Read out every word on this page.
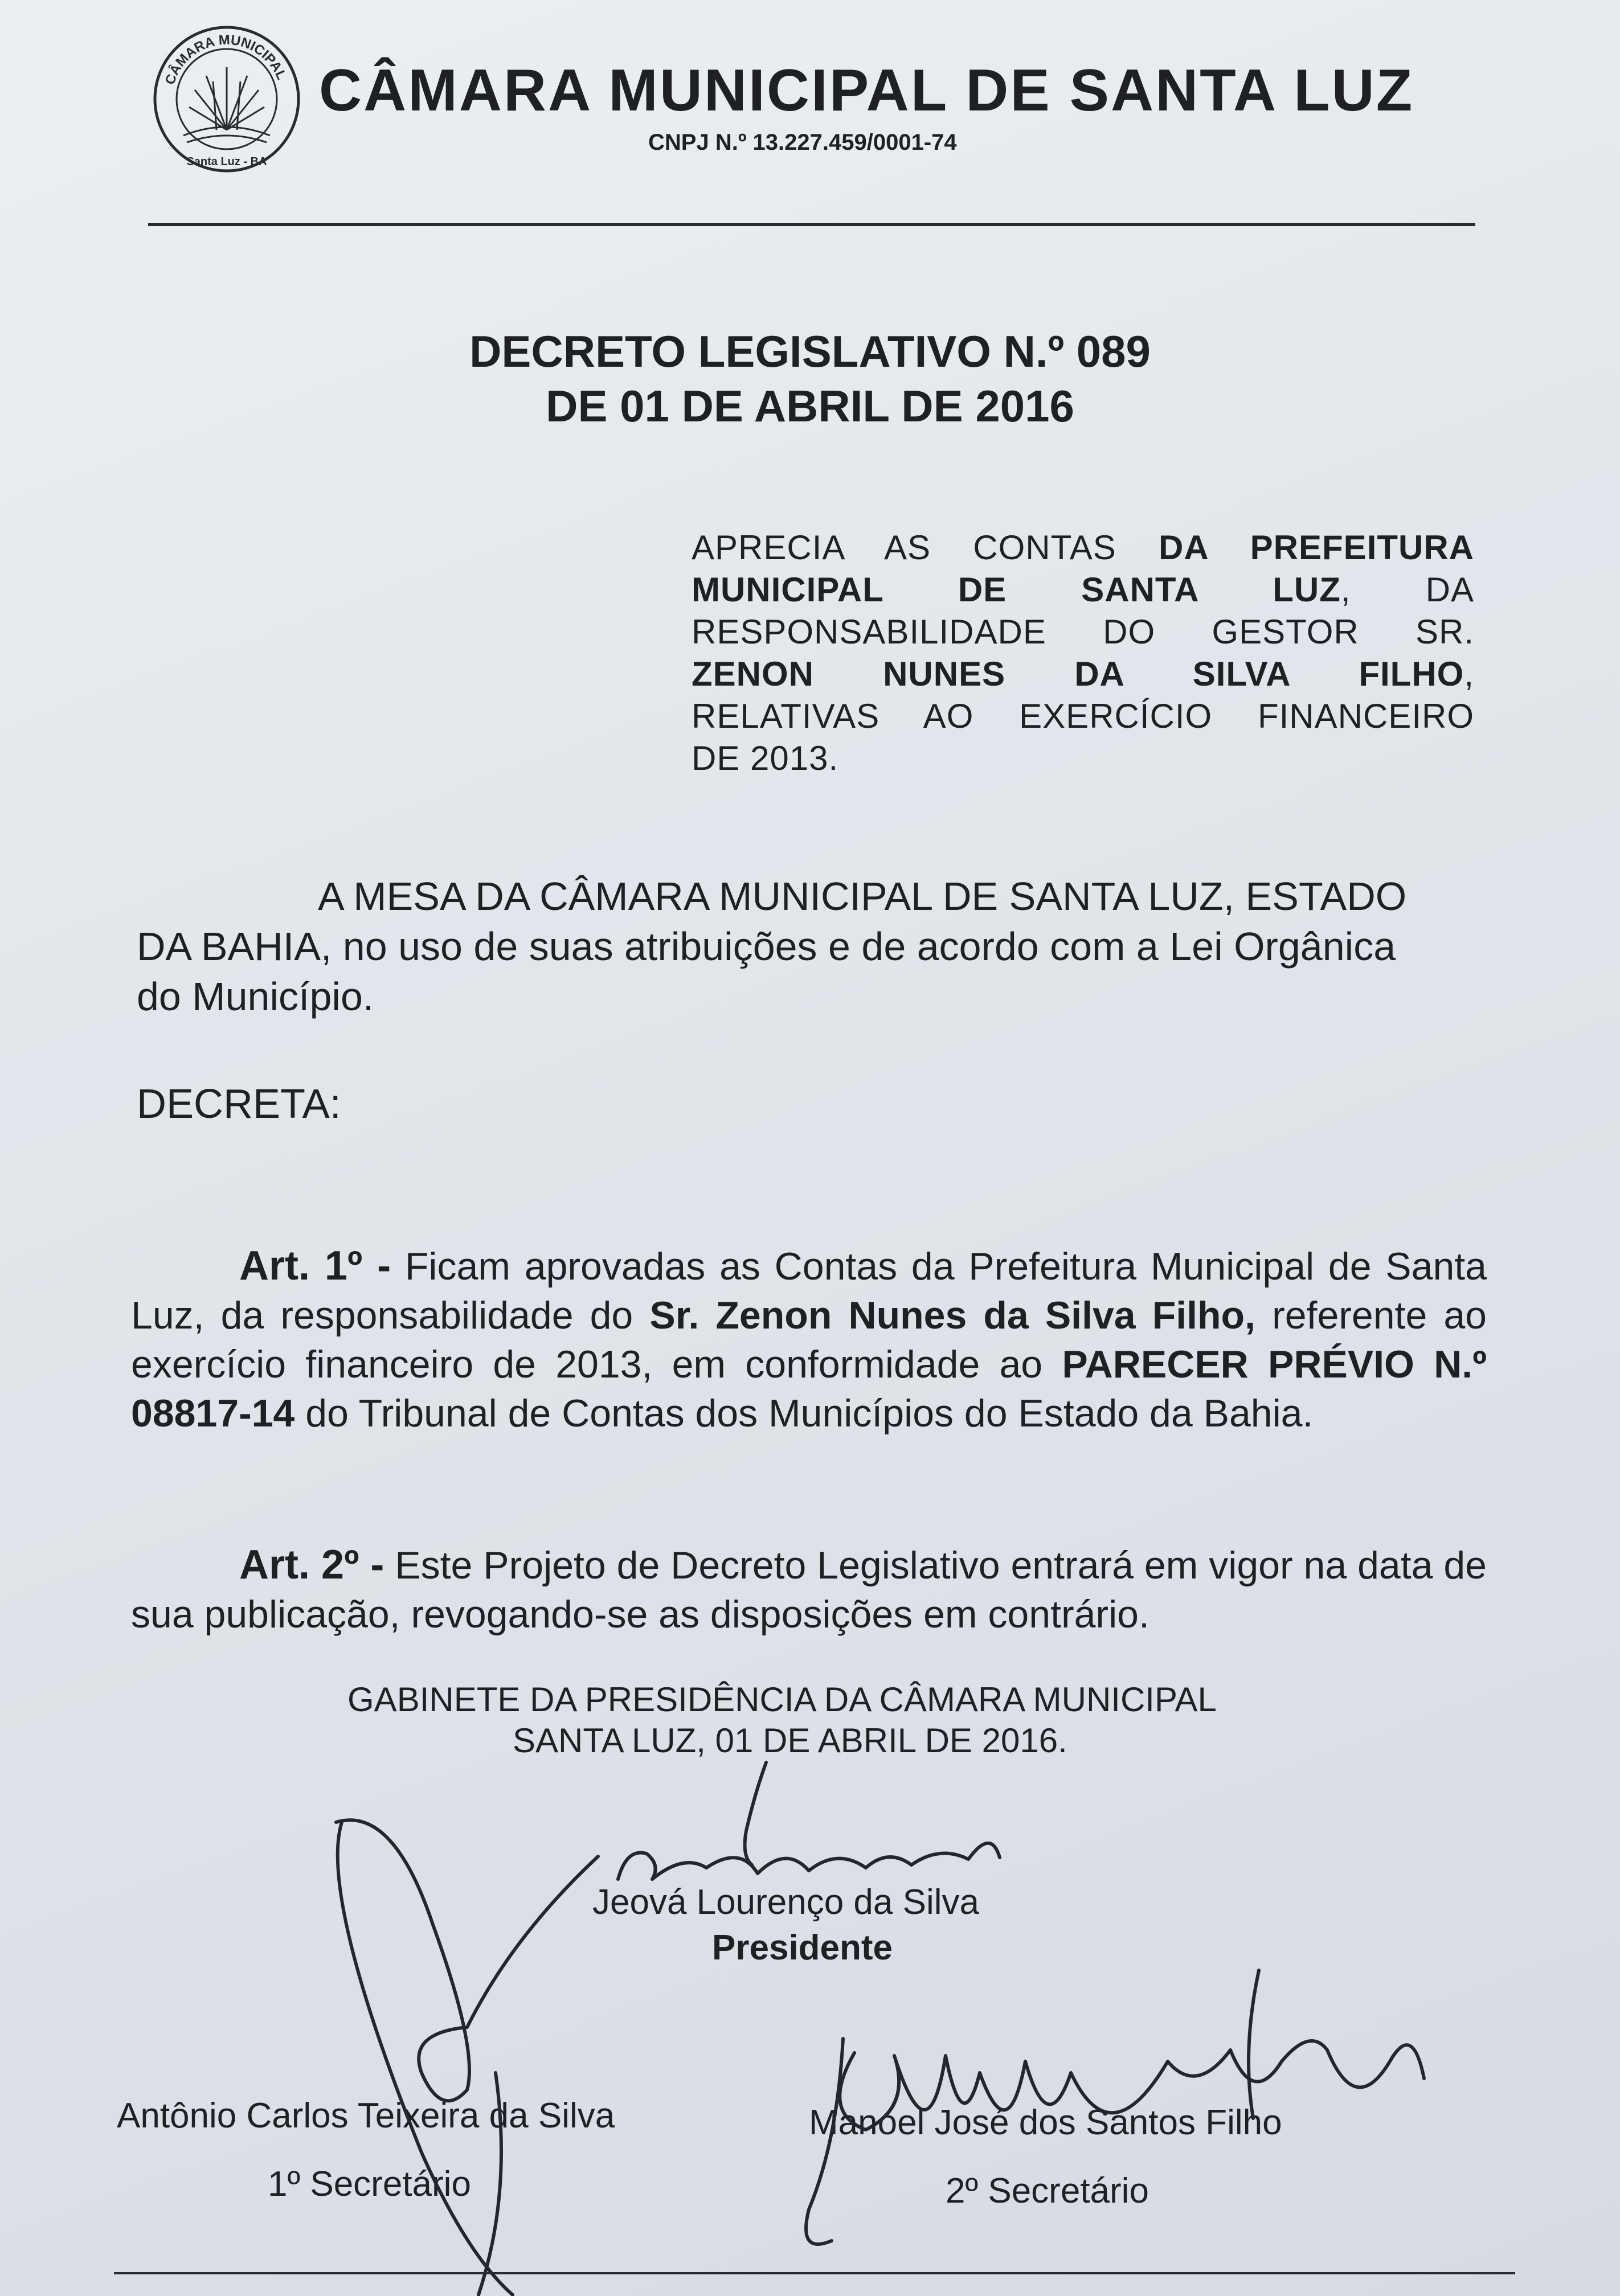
CÂMARA MUNICIPAL
Santa Luz - BA
CÂMARA MUNICIPAL DE SANTA LUZ
CNPJ N.º 13.227.459/0001-74
DECRETO LEGISLATIVO N.º 089
DE 01 DE ABRIL DE 2016
APRECIA AS CONTAS DA PREFEITURA
MUNICIPAL DE SANTA LUZ, DA
RESPONSABILIDADE DO GESTOR SR.
ZENON NUNES DA SILVA FILHO,
RELATIVAS AO EXERCÍCIO FINANCEIRO
DE 2013.

A MESA DA CÂMARA MUNICIPAL DE SANTA LUZ, ESTADO DA BAHIA, no uso de suas atribuições e de acordo com a Lei Orgânica do Município.

DECRETA:

Art. 1º - Ficam aprovadas as Contas da Prefeitura Municipal de Santa Luz, da responsabilidade do Sr. Zenon Nunes da Silva Filho, referente ao exercício financeiro de 2013, em conformidade ao PARECER PRÉVIO N.º 08817-14 do Tribunal de Contas dos Municípios do Estado da Bahia.

Art. 2º - Este Projeto de Decreto Legislativo entrará em vigor na data de sua publicação, revogando-se as disposições em contrário.

GABINETE DA PRESIDÊNCIA DA CÂMARA MUNICIPAL
SANTA LUZ, 01 DE ABRIL DE 2016.
Jeová Lourenço da Silva
Presidente
Antônio Carlos Teixeira da Silva
1º Secretário
Manoel José dos Santos Filho
2º Secretário
